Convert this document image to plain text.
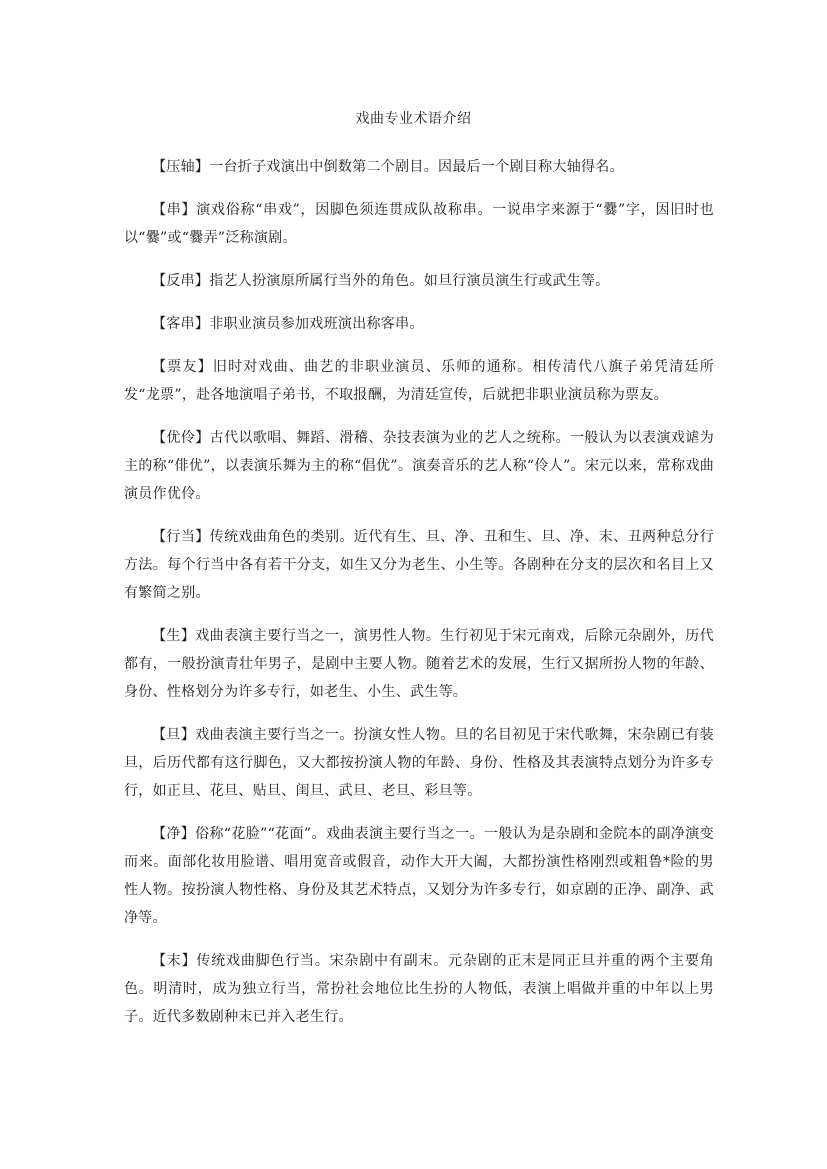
戏曲专业术语介绍

【压轴】一台折子戏演出中倒数第二个剧目。因最后一个剧目称大轴得名。

【串】演戏俗称“串戏”，因脚色须连贯成队故称串。一说串字来源于“爨”字，因旧时也以“爨”或“爨弄”泛称演剧。

【反串】指艺人扮演原所属行当外的角色。如旦行演员演生行或武生等。

【客串】非职业演员参加戏班演出称客串。

【票友】旧时对戏曲、曲艺的非职业演员、乐师的通称。相传清代八旗子弟凭清廷所发“龙票”，赴各地演唱子弟书，不取报酬，为清廷宣传，后就把非职业演员称为票友。

【优伶】古代以歌唱、舞蹈、滑稽、杂技表演为业的艺人之统称。一般认为以表演戏谑为主的称“俳优”，以表演乐舞为主的称“倡优”。演奏音乐的艺人称“伶人”。宋元以来，常称戏曲演员作优伶。

【行当】传统戏曲角色的类别。近代有生、旦、净、丑和生、旦、净、末、丑两种总分行方法。每个行当中各有若干分支，如生又分为老生、小生等。各剧种在分支的层次和名目上又有繁简之别。

【生】戏曲表演主要行当之一，演男性人物。生行初见于宋元南戏，后除元杂剧外，历代都有，一般扮演青壮年男子，是剧中主要人物。随着艺术的发展，生行又据所扮人物的年龄、身份、性格划分为许多专行，如老生、小生、武生等。

【旦】戏曲表演主要行当之一。扮演女性人物。旦的名目初见于宋代歌舞，宋杂剧已有装旦，后历代都有这行脚色，又大都按扮演人物的年龄、身份、性格及其表演特点划分为许多专行，如正旦、花旦、贴旦、闺旦、武旦、老旦、彩旦等。

【净】俗称“花脸”“花面”。戏曲表演主要行当之一。一般认为是杂剧和金院本的副净演变而来。面部化妆用脸谱、唱用宽音或假音，动作大开大阖，大都扮演性格刚烈或粗鲁*险的男性人物。按扮演人物性格、身份及其艺术特点，又划分为许多专行，如京剧的正净、副净、武净等。

【末】传统戏曲脚色行当。宋杂剧中有副末。元杂剧的正末是同正旦并重的两个主要角色。明清时，成为独立行当，常扮社会地位比生扮的人物低，表演上唱做并重的中年以上男子。近代多数剧种末已并入老生行。
